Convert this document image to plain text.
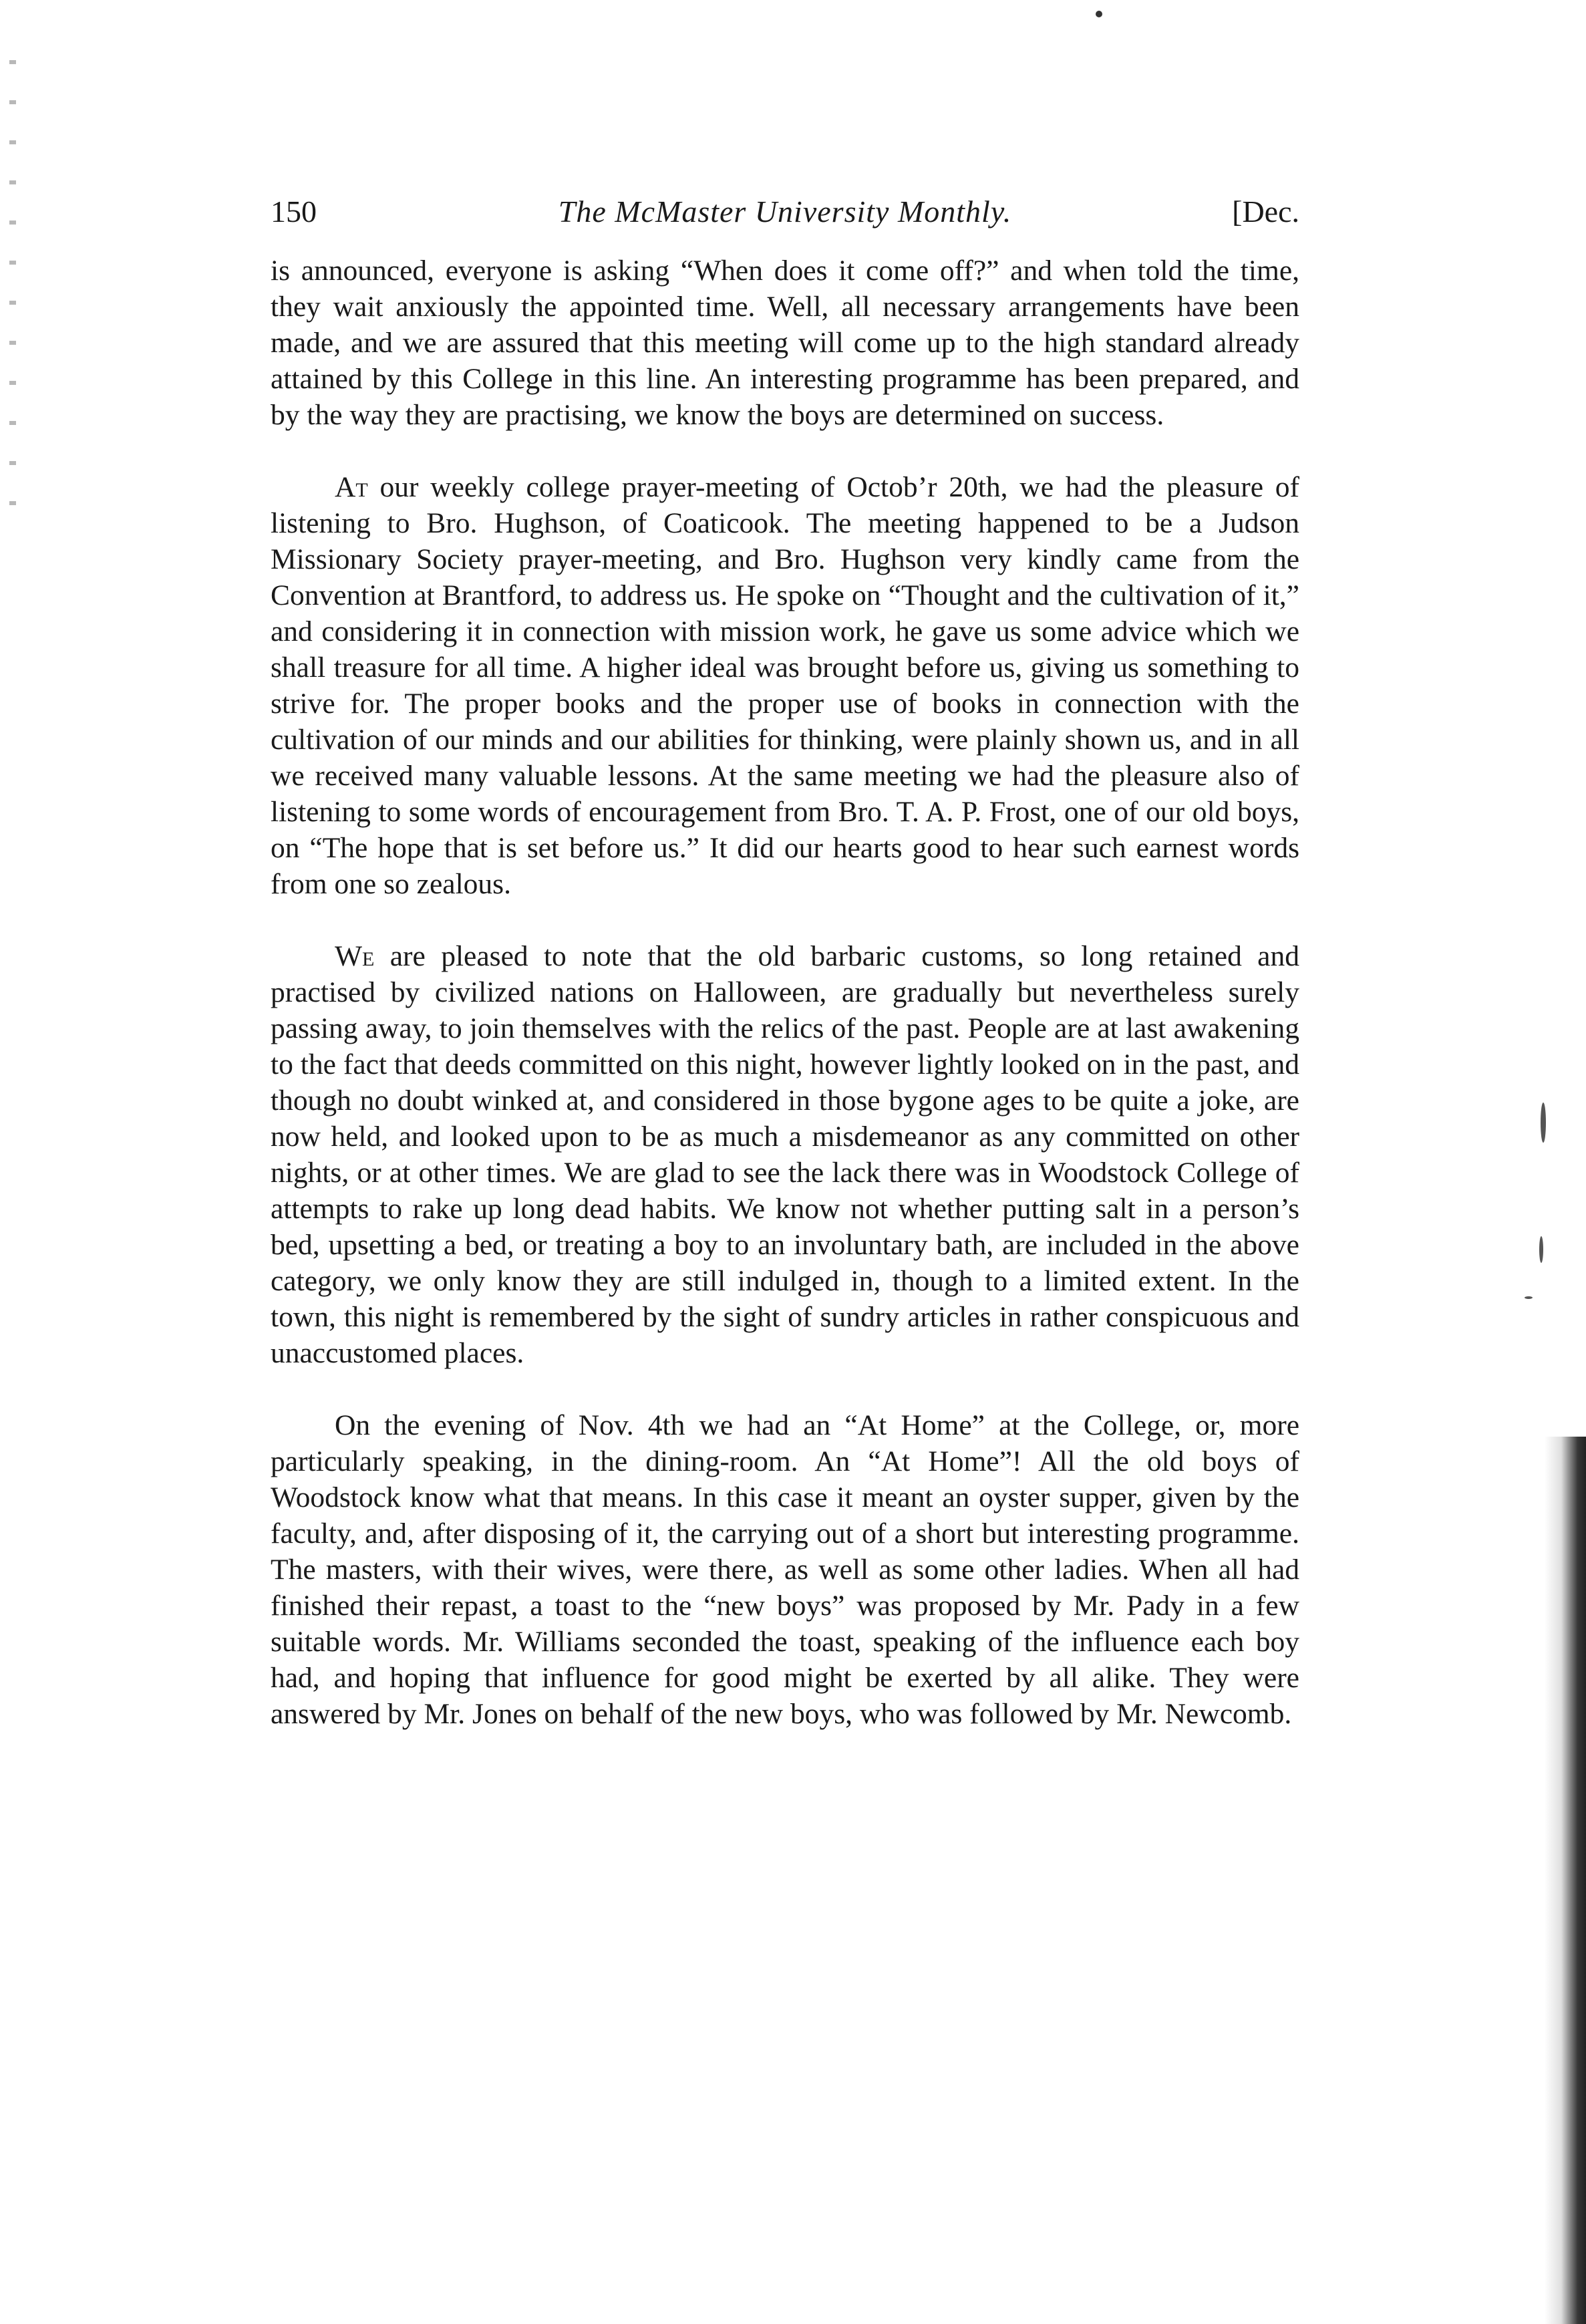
150	The McMaster University Monthly.	[Dec.

is announced, everyone is asking “When does it come off?” and when told the time, they wait anxiously the appointed time. Well, all necessary arrangements have been made, and we are assured that this meeting will come up to the high standard already attained by this College in this line. An interesting programme has been prepared, and by the way they are practising, we know the boys are determined on success.

At our weekly college prayer-meeting of Octob’r 20th, we had the pleasure of listening to Bro. Hughson, of Coaticook. The meeting happened to be a Judson Missionary Society prayer-meeting, and Bro. Hughson very kindly came from the Convention at Brantford, to address us. He spoke on “Thought and the cultivation of it,” and considering it in connection with mission work, he gave us some advice which we shall treasure for all time. A higher ideal was brought before us, giving us something to strive for. The proper books and the proper use of books in connection with the cultivation of our minds and our abilities for thinking, were plainly shown us, and in all we received many valuable lessons. At the same meeting we had the pleasure also of listening to some words of encouragement from Bro. T. A. P. Frost, one of our old boys, on “The hope that is set before us.” It did our hearts good to hear such earnest words from one so zealous.

We are pleased to note that the old barbaric customs, so long retained and practised by civilized nations on Halloween, are gradually but nevertheless surely passing away, to join themselves with the relics of the past. People are at last awakening to the fact that deeds committed on this night, however lightly looked on in the past, and though no doubt winked at, and considered in those bygone ages to be quite a joke, are now held, and looked upon to be as much a misdemeanor as any committed on other nights, or at other times. We are glad to see the lack there was in Woodstock College of attempts to rake up long dead habits. We know not whether putting salt in a person’s bed, upsetting a bed, or treating a boy to an involuntary bath, are included in the above category, we only know they are still indulged in, though to a limited extent. In the town, this night is remembered by the sight of sundry articles in rather conspicuous and unaccustomed places.

On the evening of Nov. 4th we had an “At Home” at the College, or, more particularly speaking, in the dining-room. An “At Home”! All the old boys of Woodstock know what that means. In this case it meant an oyster supper, given by the faculty, and, after disposing of it, the carrying out of a short but interesting programme. The masters, with their wives, were there, as well as some other ladies. When all had finished their repast, a toast to the “new boys” was proposed by Mr. Pady in a few suitable words. Mr. Williams seconded the toast, speaking of the influence each boy had, and hoping that influence for good might be exerted by all alike. They were answered by Mr. Jones on behalf of the new boys, who was followed by Mr. Newcomb.
